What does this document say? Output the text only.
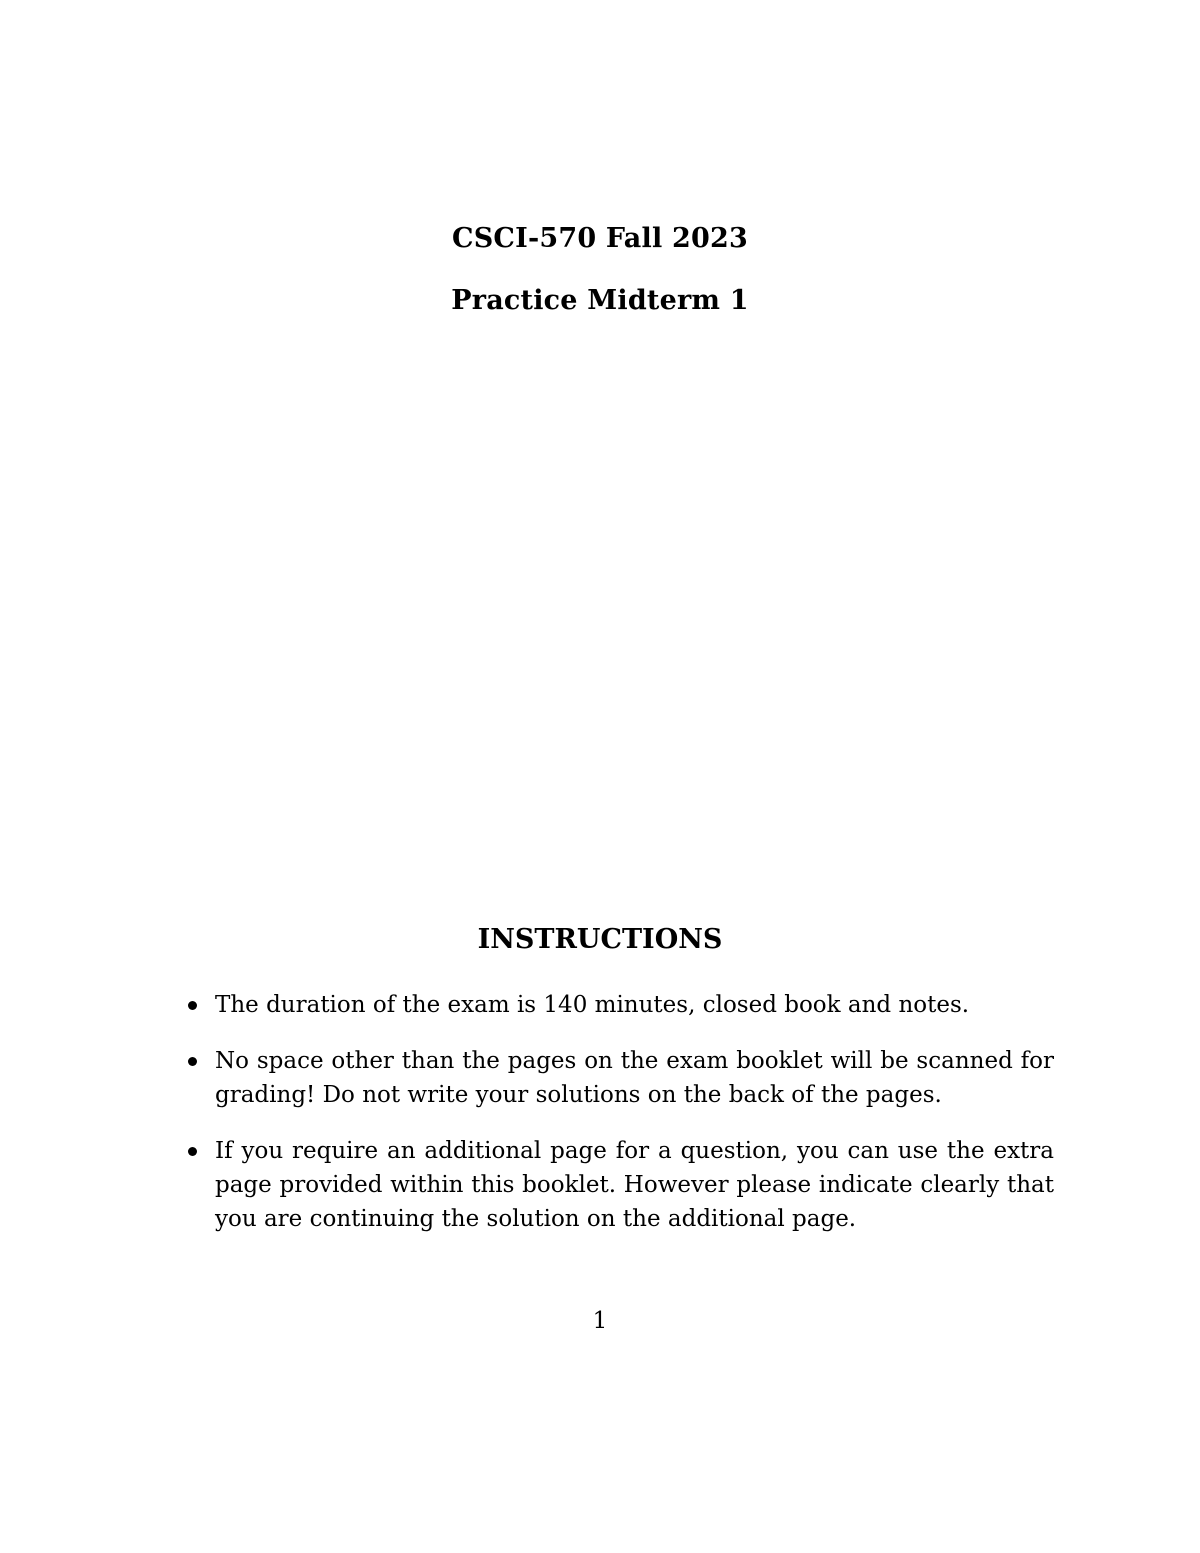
CSCI-570 Fall 2023
Practice Midterm 1
INSTRUCTIONS
The duration of the exam is 140 minutes, closed book and notes.
No space other than the pages on the exam booklet will be scanned for grading! Do not write your solutions on the back of the pages.
If you require an additional page for a question, you can use the extra page provided within this booklet. However please indicate clearly that you are continuing the solution on the additional page.
1
